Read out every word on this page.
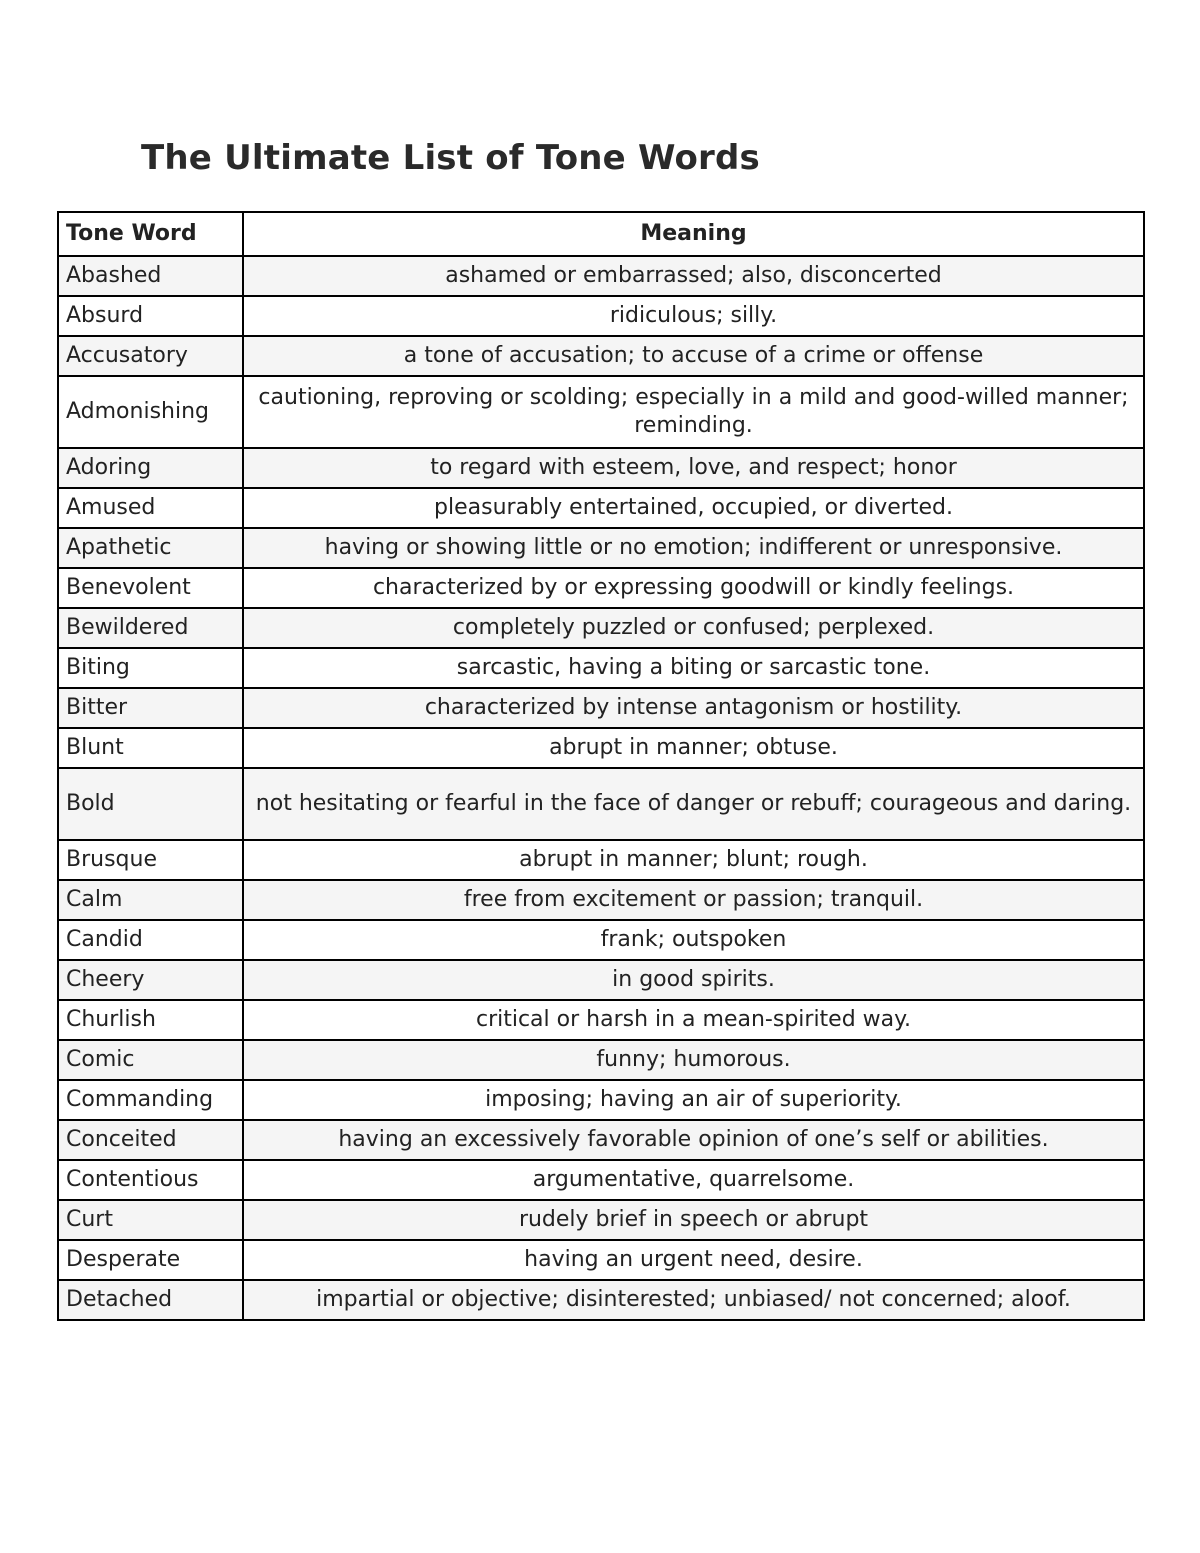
The Ultimate List of Tone Words
Tone Word	Meaning
Abashed	ashamed or embarrassed; also, disconcerted
Absurd	ridiculous; silly.
Accusatory	a tone of accusation; to accuse of a crime or offense
Admonishing	cautioning, reproving or scolding; especially in a mild and good-willed manner; reminding.
Adoring	to regard with esteem, love, and respect; honor
Amused	pleasurably entertained, occupied, or diverted.
Apathetic	having or showing little or no emotion; indifferent or unresponsive.
Benevolent	characterized by or expressing goodwill or kindly feelings.
Bewildered	completely puzzled or confused; perplexed.
Biting	sarcastic, having a biting or sarcastic tone.
Bitter	characterized by intense antagonism or hostility.
Blunt	abrupt in manner; obtuse.
Bold	not hesitating or fearful in the face of danger or rebuff; courageous and daring.
Brusque	abrupt in manner; blunt; rough.
Calm	free from excitement or passion; tranquil.
Candid	frank; outspoken
Cheery	in good spirits.
Churlish	critical or harsh in a mean-spirited way.
Comic	funny; humorous.
Commanding	imposing; having an air of superiority.
Conceited	having an excessively favorable opinion of one’s self or abilities.
Contentious	argumentative, quarrelsome.
Curt	rudely brief in speech or abrupt
Desperate	having an urgent need, desire.
Detached	impartial or objective; disinterested; unbiased/ not concerned; aloof.
